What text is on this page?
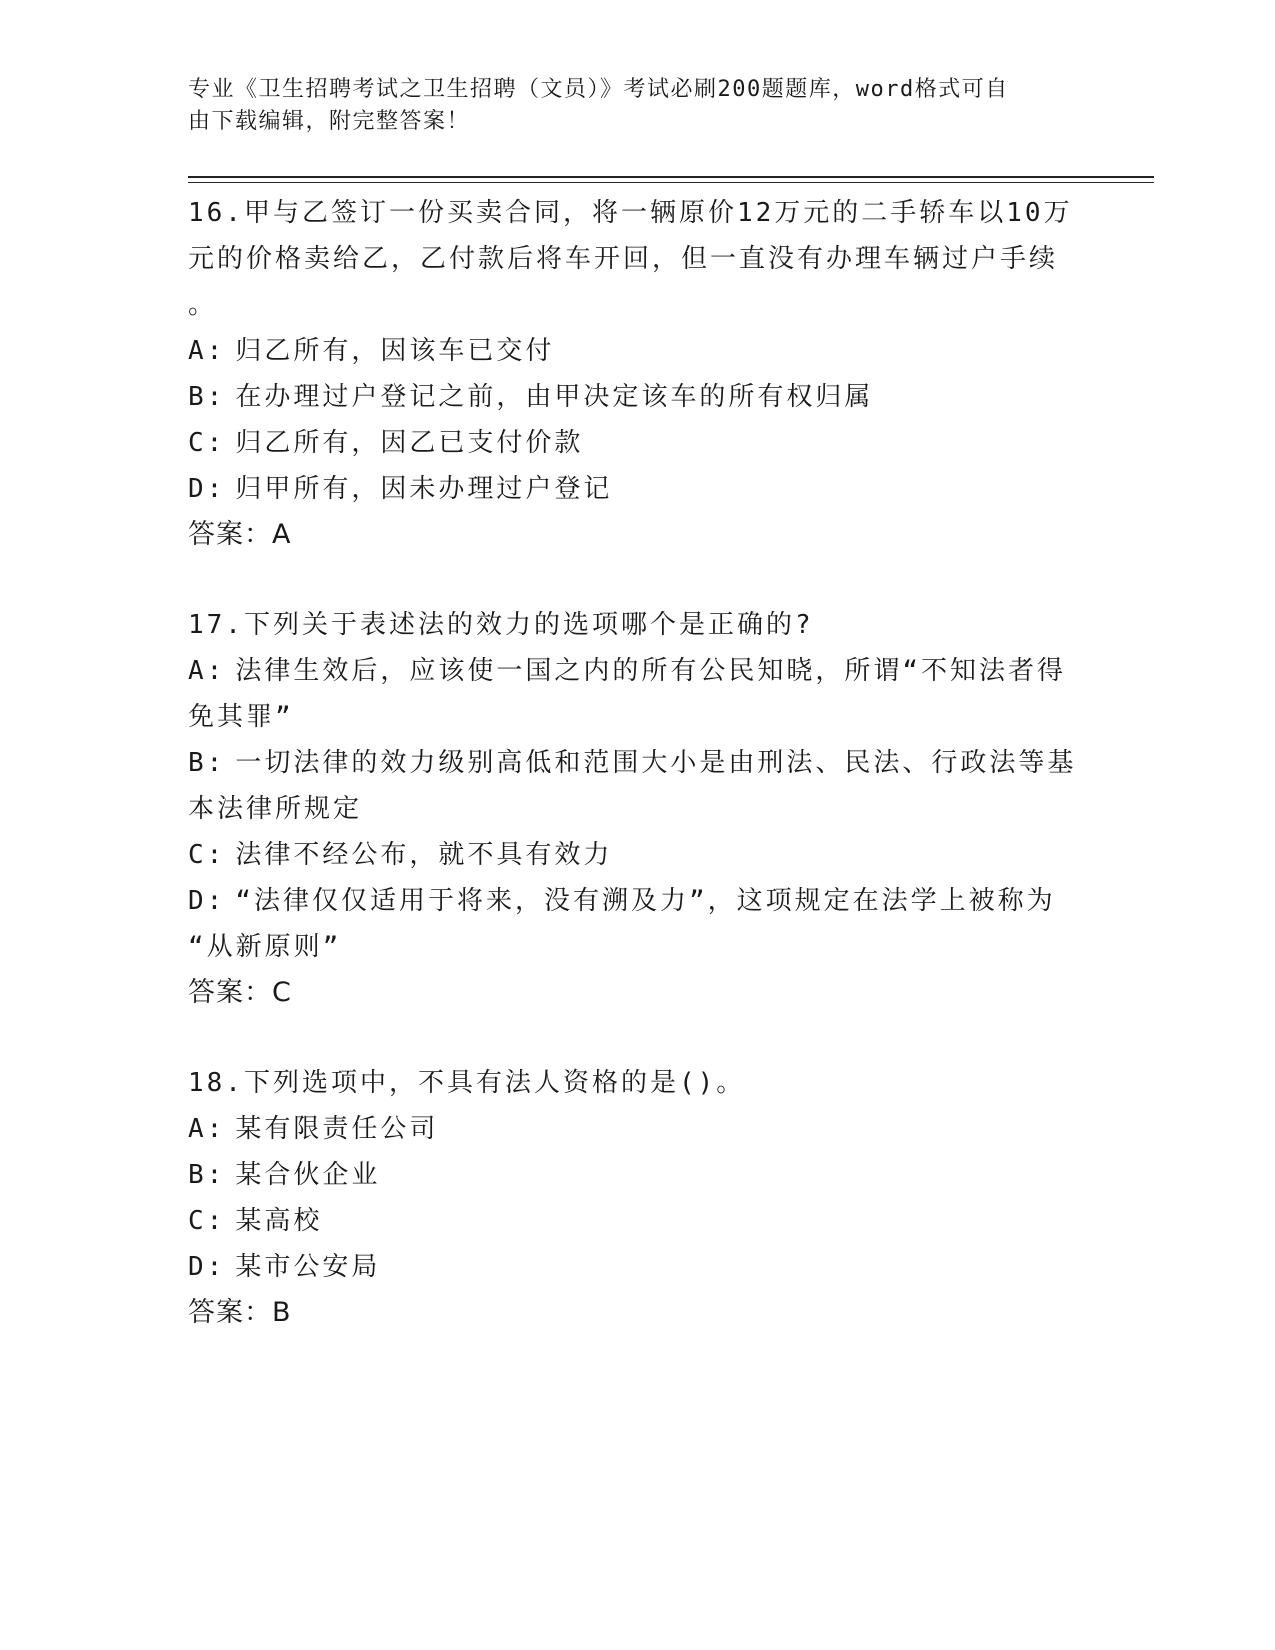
专业《卫生招聘考试之卫生招聘（文员）》考试必刷200题题库，word格式可自
由下载编辑，附完整答案！

16.甲与乙签订一份买卖合同，将一辆原价12万元的二手轿车以10万

元的价格卖给乙，乙付款后将车开回，但一直没有办理车辆过户手续

。

A: 归乙所有，因该车已交付

B: 在办理过户登记之前，由甲决定该车的所有权归属

C: 归乙所有，因乙已支付价款

D: 归甲所有，因未办理过户登记

答案：A

17.下列关于表述法的效力的选项哪个是正确的?

A: 法律生效后，应该使一国之内的所有公民知晓，所谓“不知法者得

免其罪”

B: 一切法律的效力级别高低和范围大小是由刑法、民法、行政法等基

本法律所规定

C: 法律不经公布，就不具有效力

D: “法律仅仅适用于将来，没有溯及力”，这项规定在法学上被称为

“从新原则”

答案：C

18.下列选项中，不具有法人资格的是()。

A: 某有限责任公司

B: 某合伙企业

C: 某高校

D: 某市公安局

答案：B
